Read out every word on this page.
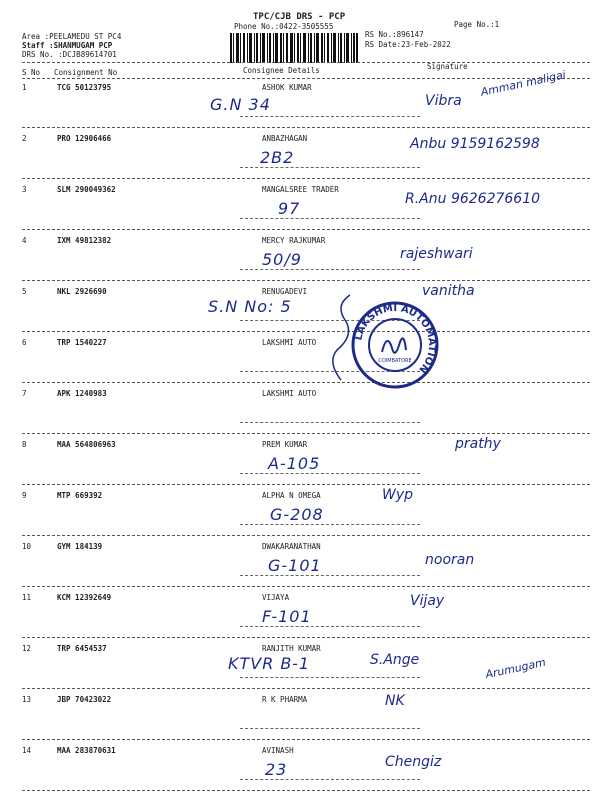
TPC/CJB DRS - PCP
Phone No.:0422-3505555	Page No.:1
Area :PEELAMEDU ST PC4
Staff :SHANMUGAM PCP
DRS No. :DCJB89614701
RS No.:896147
RS Date:23-Feb-2022
S No Consignment No	Consignee Details	Signature
1	TCG 50123795	ASHOK KUMAR
G.N 34	Vibra
Amman maligai
2	PRO 12906466	ANBAZHAGAN
2B2
Anbu 9159162598
3	SLM 290049362	MANGALSREE TRADER
97	R.Anu 9626276610
4	IXM 49812382	MERCY RAJKUMAR
50/9	rajeshwari
5	NKL 2926690	RENUGADEVI
S.N No: 5
vanitha
6	TRP 1540227	LAKSHMI AUTO
7	APK 1240983	LAKSHMI AUTO
8	MAA 564806963	PREM KUMAR
A-105
prathy
9	MTP 669392	ALPHA N OMEGA
G-208
Wyp
10	GYM 184139	DWAKARANATHAN
G-101	nooran
11	KCM 12392649	VIJAYA
F-101
Vijay
12	TRP 6454537	RANJITH KUMAR
KTVR B-1	S.Ange	Arumugam
13	JBP 70423022	R K PHARMA	NK
14	MAA 283870631	AVINASH
23	Chengiz
LAKSHMI AUTOMATION
COIMBATORE
